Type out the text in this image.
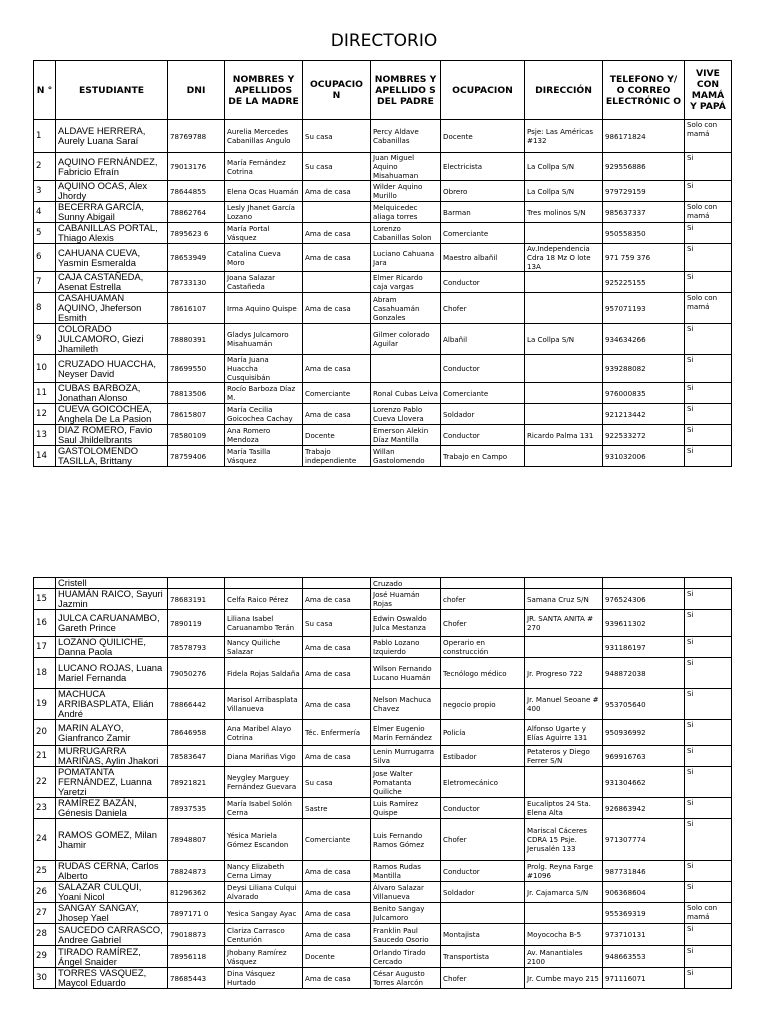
DIRECTORIO
N °	ESTUDIANTE	DNI	NOMBRES Y APELLIDOS DE LA MADRE	OCUPACIO N	NOMBRES Y APELLIDO S DEL PADRE	OCUPACION	DIRECCIÓN	TELEFONO Y/ O CORREO ELECTRÓNIC O	VIVE CON MAMÁ Y PAPÁ
1	ALDAVE HERRERA, Aurely Luana Saraí	78769788	Aurelia Mercedes Cabanillas Angulo	Su casa	Percy Aldave Cabanillas	Docente	Psje: Las Américas #132	986171824	Solo con mamá
2	AQUINO FERNÁNDEZ, Fabricio Efraín	79013176	María Fernández Cotrina	Su casa	Juan Miguel Aquino Misahuaman	Electricista	La Collpa S/N	929556886	Si
3	AQUINO OCAS, Alex Jhordy	78644855	Elena Ocas Huamán	Ama de casa	Wilder Aquino Murillo	Obrero	La Collpa S/N	979729159	Si
4	BECERRA GARCÍA, Sunny Abigail	78862764	Lesly Jhanet García Lozano		Melquicedec aliaga torres	Barman	Tres molinos S/N	985637337	Solo con mamá
5	CABANILLAS PORTAL, Thiago Alexis	7895623 6	María Portal Vásquez	Ama de casa	Lorenzo Cabanillas Solon	Comerciante		950558350	Si
6	CAHUANA CUEVA, Yasmin Esmeralda	78653949	Catalina Cueva Moro	Ama de casa	Luciano Cahuana Jara	Maestro albañil	Av.Independencia Cdra 18 Mz O lote 13A	971 759 376	Si
7	CAJA CASTAÑEDA, Asenat Estrella	78733130	Joana Salazar Castañeda		Elmer Ricardo caja vargas	Conductor		925225155	Si
8	CASAHUAMAN AQUINO, Jheferson Esmith	78616107	Irma Aquino Quispe	Ama de casa	Abram Casahuamán Gonzales	Chofer		957071193	Solo con mamá
9	COLORADO JULCAMORO, Giezi Jhamileth	78880391	Gladys Julcamoro Misahuamán		Gilmer colorado Aguilar	Albañil	La Collpa S/N	934634266	Si
10	CRUZADO HUACCHA, Neyser David	78699550	María Juana Huaccha Cusquisibán	Ama de casa		Conductor		939288082	Si
11	CUBAS BARBOZA, Jonathan Alonso	78813506	Rocío Barboza Díaz M.	Comerciante	Ronal Cubas Leiva	Comerciante		976000835	Si
12	CUEVA GOICOCHEA, Anghela De La Pasion	78615807	María Cecilia Goicochea Cachay	Ama de casa	Lorenzo Pablo Cueva Llovera	Soldador		921213442	Si
13	DIAZ ROMERO, Favio Saul Jhildelbrants	78580109	Ana Romero Mendoza	Docente	Emerson Alekin Díaz Mantilla	Conductor	Ricardo Palma 131	922533272	Si
14	GASTOLOMENDO TASILLA, Brittany	78759406	María Tasilla Vásquez	Trabajo independiente	Willan Gastolomendo	Trabajo en Campo		931032006	Si
	Cristell				Cruzado				
15	HUAMÁN RAICO, Sayuri Jazmin	78683191	Celfa Raico Pérez	Ama de casa	José Huamán Rojas	chofer	Samana Cruz S/N	976524306	Si
16	JULCA CARUANAMBO, Gareth Prince	7890119	Liliana Isabel Caruanambo Terán	Su casa	Edwin Oswaldo Julca Mestanza	Chofer	JR. SANTA ANITA # 270	939611302	Si
17	LOZANO QUILICHE, Danna Paola	78578793	Nancy Quiliche Salazar	Ama de casa	Pablo Lozano Izquierdo	Operario en construcción		931186197	Si
18	LUCANO ROJAS, Luana Mariel Fernanda	79050276	Fidela Rojas Saldaña	Ama de casa	Wilson Fernando Lucano Huamán	Tecnólogo médico	Jr. Progreso 722	948872038	Si
19	MACHUCA ARRIBASPLATA, Elián André	78866442	Marisol Arribasplata Villanueva	Ama de casa	Nelson Machuca Chavez	negocio propio	Jr. Manuel Seoane # 400	953705640	Si
20	MARIN ALAYO, Gianfranco Zamir	78646958	Ana Maribel Alayo Cotrina	Téc. Enfermería	Elmer Eugenio Marín Fernández	Policía	Alfonso Ugarte y Elías Aguirre 131	950936992	Si
21	MURRUGARRA MARIÑAS, Aylin Jhakori	78583647	Diana Mariñas Vigo	Ama de casa	Lenin Murrugarra Silva	Estibador	Petateros y Diego Ferrer S/N	969916763	Si
22	POMATANTA FERNÁNDEZ, Luanna Yaretzi	78921821	Neygley Marguey Fernández Guevara	Su casa	Jose Walter Pomatanta Quiliche	Eletromecánico		931304662	Si
23	RAMÍREZ BAZÁN, Génesis Daniela	78937535	María Isabel Solón Cerna	Sastre	Luis Ramírez Quispe	Conductor	Eucaliptos 24 Sta. Elena Alta	926863942	Si
24	RAMOS GOMEZ, Milan Jhamir	78948807	Yésica Mariela Gómez Escandon	Comerciante	Luis Fernando Ramos Gómez	Chofer	Mariscal Cáceres CDRA 15 Psje. Jerusalén 133	971307774	Si
25	RUDAS CERNA, Carlos Alberto	78824873	Nancy Elizabeth Cerna Limay	Ama de casa	Ramos Rudas Mantilla	Conductor	Prolg. Reyna Farge #1096	987731846	Si
26	SALAZAR CULQUI, Yoani Nicol	81296362	Deysi Liliana Culqui Alvarado	Ama de casa	Álvaro Salazar Villanueva	Soldador	Jr. Cajamarca S/N	906368604	Si
27	SANGAY SANGAY, Jhosep Yael	7897171 0	Yesica Sangay Ayac	Ama de casa	Benito Sangay Julcamoro			955369319	Solo con mamá
28	SAUCEDO CARRASCO, Andree Gabriel	79018873	Clariza Carrasco Centurión	Ama de casa	Franklin Paul Saucedo Osorio	Montajista	Moyococha B-5	973710131	Si
29	TIRADO RAMÍREZ, Ángel Snaider	78956118	Jhobany Ramírez Vásquez	Docente	Orlando Tirado Cercado	Transportista	Av. Manantiales 2100	948663553	Si
30	TORRES VASQUEZ, Maycol Eduardo	78685443	Dina Vásquez Hurtado	Ama de casa	César Augusto Torres Alarcón	Chofer	Jr. Cumbe mayo 215	971116071	Si
